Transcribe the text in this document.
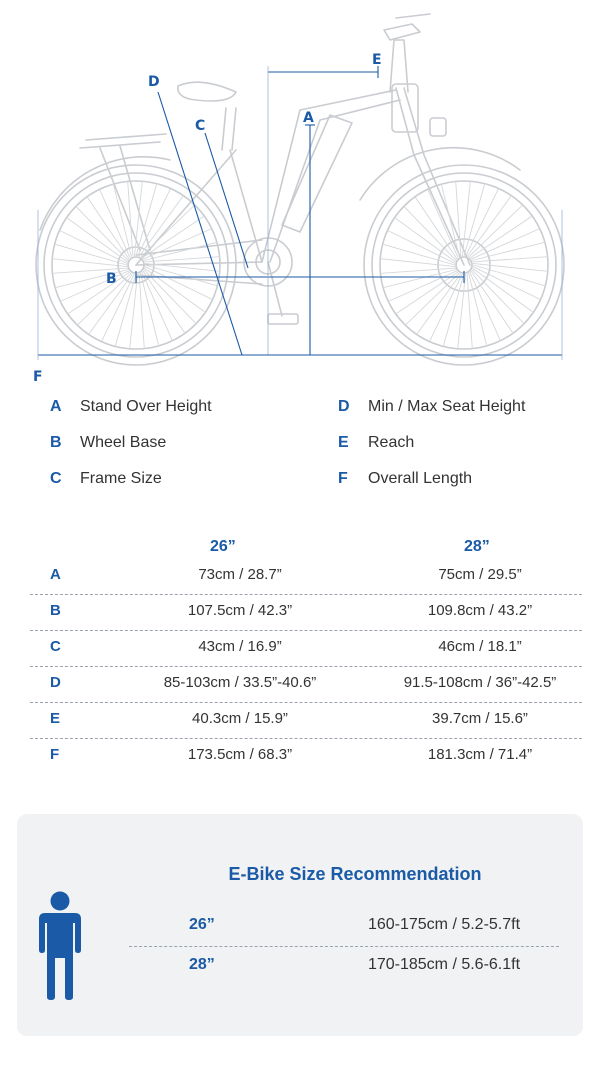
A
B
C
D
E
F
A Stand Over Height	D Min / Max Seat Height
B Wheel Base	E Reach
C Frame Size	F Overall Length
26”	28”
A	73cm / 28.7”	75cm / 29.5”
B	107.5cm / 42.3”	109.8cm / 43.2”
C	43cm / 16.9”	46cm / 18.1”
D	85-103cm / 33.5”-40.6”	91.5-108cm / 36”-42.5”
E	40.3cm / 15.9”	39.7cm / 15.6”
F	173.5cm / 68.3”	181.3cm / 71.4”
E-Bike Size Recommendation
26”	160-175cm / 5.2-5.7ft
28”	170-185cm / 5.6-6.1ft
